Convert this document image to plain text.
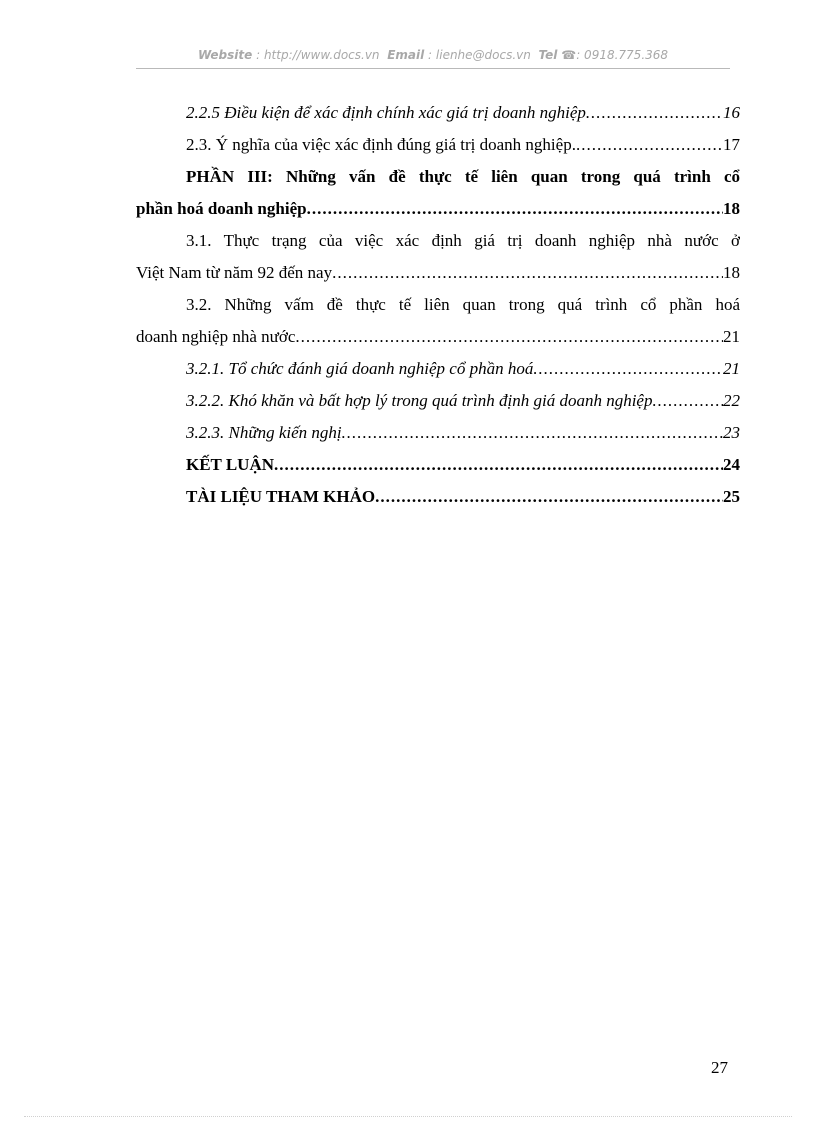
Website : http://www.docs.vn Email : lienhe@docs.vn Tel ☎: 0918.775.368
2.2.5 Điều kiện để xác định chính xác giá trị doanh nghiệp .....	16
2.3. Ý nghĩa của việc xác định đúng giá trị doanh nghiệp. .....	17
PHẦN III: Những vấn đề thực tế liên quan trong quá trình cổ
phần hoá doanh nghiệp .....	18
3.1. Thực trạng của việc xác định giá trị doanh nghiệp nhà nước ở
Việt Nam từ năm 92 đến nay .....	18
3.2. Những vấm đề thực tế liên quan trong quá trình cổ phần hoá
doanh nghiệp nhà nước .....	21
3.2.1. Tổ chức đánh giá doanh nghiệp cổ phần hoá .....	21
3.2.2. Khó khăn và bất hợp lý trong quá trình định giá doanh nghiệp .....	22
3.2.3. Những kiến nghị .....	23
KẾT LUẬN .....	24
TÀI LIỆU THAM KHẢO .....	25
27
